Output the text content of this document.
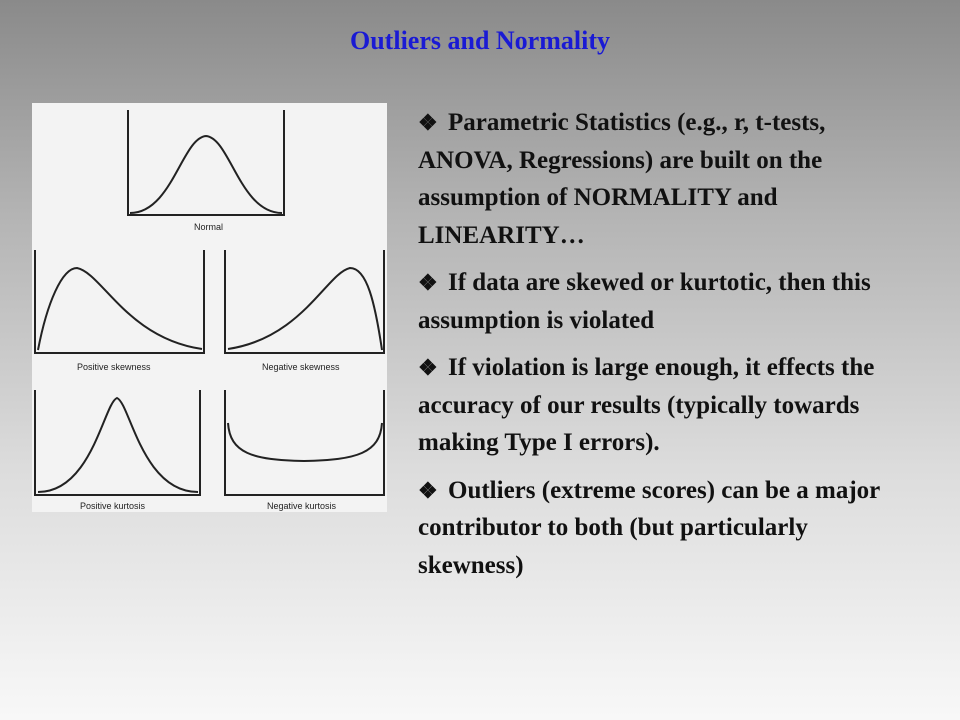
Outliers and Normality
Normal
Positive skewness	Negative skewness
Positive kurtosis	Negative kurtosis
❖ Parametric Statistics (e.g., r, t-tests, ANOVA, Regressions) are built on the assumption of NORMALITY and LINEARITY…
❖ If data are skewed or kurtotic, then this assumption is violated
❖ If violation is large enough, it effects the accuracy of our results (typically towards making Type I errors).
❖ Outliers (extreme scores) can be a major contributor to both (but particularly skewness)
